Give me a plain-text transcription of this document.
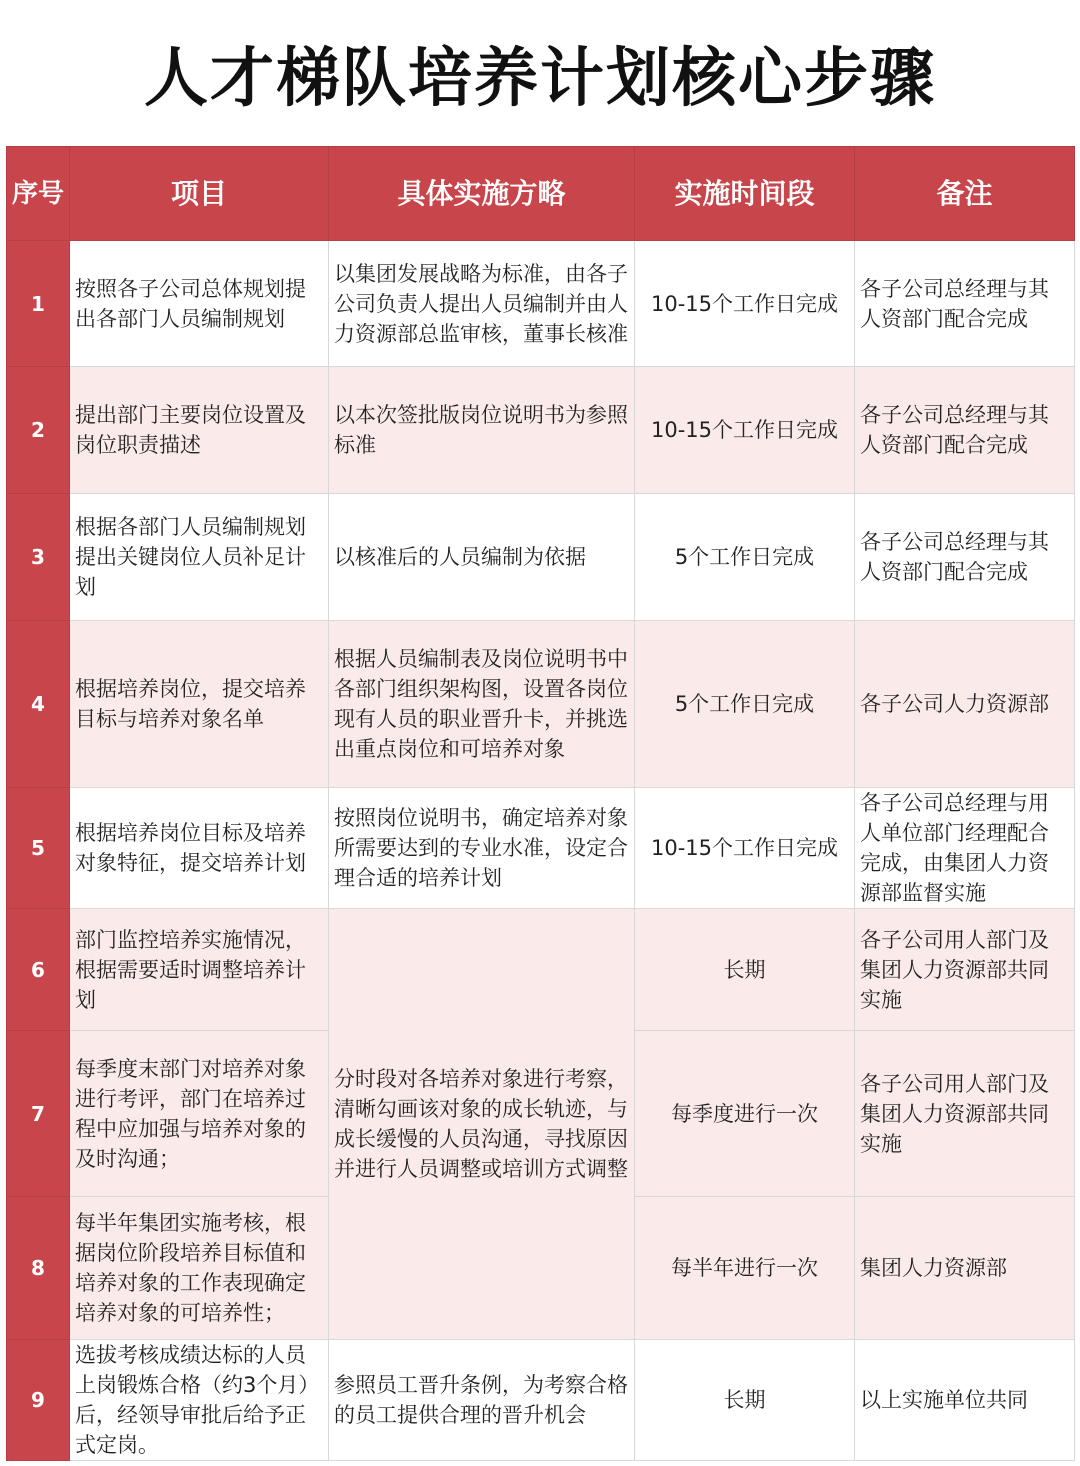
人才梯队培养计划核心步骤
序号	项目	具体实施方略	实施时间段	备注
1	按照各子公司总体规划提出各部门人员编制规划	以集团发展战略为标准，由各子公司负责人提出人员编制并由人力资源部总监审核，董事长核准	10-15个工作日完成	各子公司总经理与其人资部门配合完成
2	提出部门主要岗位设置及岗位职责描述	以本次签批版岗位说明书为参照标准	10-15个工作日完成	各子公司总经理与其人资部门配合完成
3	根据各部门人员编制规划提出关键岗位人员补足计划	以核准后的人员编制为依据	5个工作日完成	各子公司总经理与其人资部门配合完成
4	根据培养岗位，提交培养目标与培养对象名单	根据人员编制表及岗位说明书中各部门组织架构图，设置各岗位现有人员的职业晋升卡，并挑选出重点岗位和可培养对象	5个工作日完成	各子公司人力资源部
5	根据培养岗位目标及培养对象特征，提交培养计划	按照岗位说明书，确定培养对象所需要达到的专业水准，设定合理合适的培养计划	10-15个工作日完成	各子公司总经理与用人单位部门经理配合完成，由集团人力资源部监督实施
6	部门监控培养实施情况，根据需要适时调整培养计划	分时段对各培养对象进行考察，清晰勾画该对象的成长轨迹，与成长缓慢的人员沟通，寻找原因并进行人员调整或培训方式调整	长期	各子公司用人部门及集团人力资源部共同实施
7	每季度末部门对培养对象进行考评，部门在培养过程中应加强与培养对象的及时沟通；		每季度进行一次	各子公司用人部门及集团人力资源部共同实施
8	每半年集团实施考核，根据岗位阶段培养目标值和培养对象的工作表现确定培养对象的可培养性；		每半年进行一次	集团人力资源部
9	选拔考核成绩达标的人员上岗锻炼合格（约3个月）后，经领导审批后给予正式定岗。	参照员工晋升条例，为考察合格的员工提供合理的晋升机会	长期	以上实施单位共同
